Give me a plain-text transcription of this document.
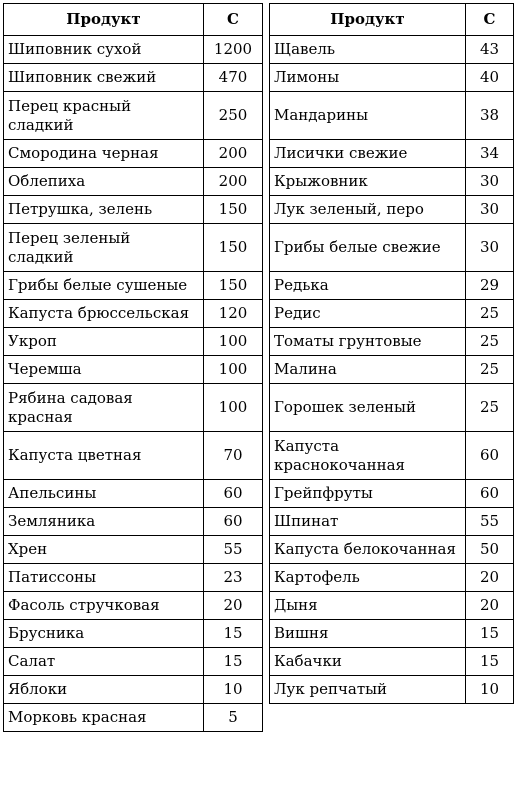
Продукт	С
Шиповник сухой	1200
Шиповник свежий	470
Перец красный сладкий	250
Смородина черная	200
Облепиха	200
Петрушка, зелень	150
Перец зеленый сладкий	150
Грибы белые сушеные	150
Капуста брюссельская	120
Укроп	100
Черемша	100
Рябина садовая красная	100
Капуста цветная	70
Апельсины	60
Земляника	60
Хрен	55
Патиссоны	23
Фасоль стручковая	20
Брусника	15
Салат	15
Яблоки	10
Морковь красная	5
Продукт	С
Щавель	43
Лимоны	40
Мандарины	38
Лисички свежие	34
Крыжовник	30
Лук зеленый, перо	30
Грибы белые свежие	30
Редька	29
Редис	25
Томаты грунтовые	25
Малина	25
Горошек зеленый	25
Капуста краснокочанная	60
Грейпфруты	60
Шпинат	55
Капуста белокочанная	50
Картофель	20
Дыня	20
Вишня	15
Кабачки	15
Лук репчатый	10
